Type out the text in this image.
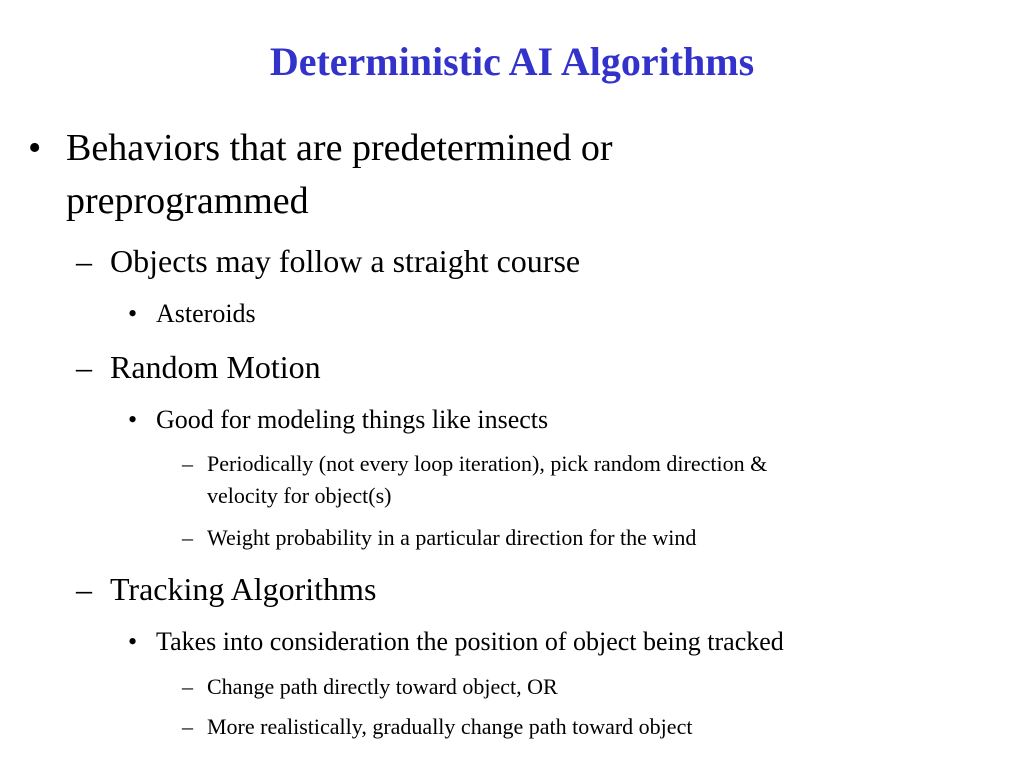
Deterministic AI Algorithms
• Behaviors that are predetermined or
preprogrammed
– Objects may follow a straight course
• Asteroids
– Random Motion
• Good for modeling things like insects
– Periodically (not every loop iteration), pick random direction &
velocity for object(s)
– Weight probability in a particular direction for the wind
– Tracking Algorithms
• Takes into consideration the position of object being tracked
– Change path directly toward object, OR
– More realistically, gradually change path toward object
